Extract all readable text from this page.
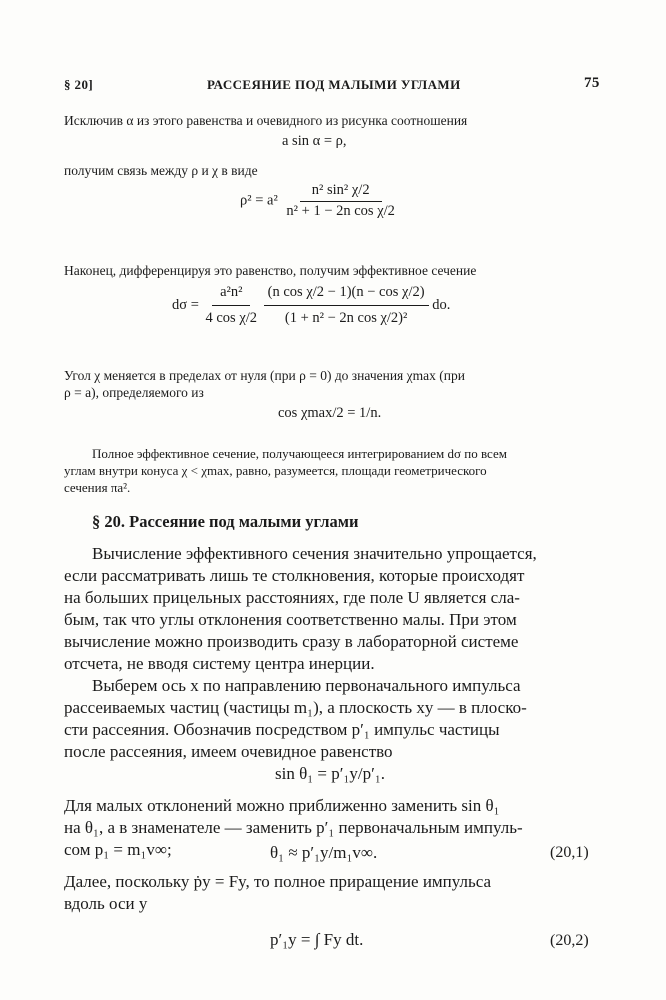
§ 20]	РАССЕЯНИЕ ПОД МАЛЫМИ УГЛАМИ	75
Исключив α из этого равенства и очевидного из рисунка соотношения
a sin α = ρ,
получим связь между ρ и χ в виде
$\rho^2 = a^2 \frac{\text{n² sin² χ/2}}{\text{n² + 1 − 2n cos χ/2}}$
Наконец, дифференцируя это равенство, получим эффективное сечение
$d\sigma = \frac{\text{a²n²}}{\text{4 cos χ/2}}$
$\frac{\text{(n cos χ/2 − 1)(n − cos χ/2)}}{\text{(1 + n² − 2n cos χ/2)²}}$ do.
Угол χ меняется в пределах от нуля (при ρ = 0) до значения χmax (при
ρ = a), определяемого из
cos χmax/2 = 1/n.
Полное эффективное сечение, получающееся интегрированием dσ по всем
углам внутри конуса χ < χmax, равно, разумеется, площади геометрического
сечения πa².
§ 20. Рассеяние под малыми углами
Вычисление эффективного сечения значительно упрощается,
если рассматривать лишь те столкновения, которые происходят
на больших прицельных расстояниях, где поле U является сла-
бым, так что углы отклонения соответственно малы. При этом
вычисление можно производить сразу в лабораторной системе
отсчета, не вводя систему центра инерции.
Выберем ось x по направлению первоначального импульса
рассеиваемых частиц (частицы m₁), а плоскость xy — в плоско-
сти рассеяния. Обозначив посредством p′₁ импульс частицы
после рассеяния, имеем очевидное равенство
sin θ₁ = p′₁y/p′₁.
Для малых отклонений можно приближенно заменить sin θ₁
на θ₁, а в знаменателе — заменить p′₁ первоначальным импуль-
сом p₁ = m₁v∞;	θ₁ ≈ p′₁y/m₁v∞.	(20,1)
Далее, поскольку ṗy = Fy, то полное приращение импульса
вдоль оси y
p′₁y = ∫ Fy dt.	(20,2)
